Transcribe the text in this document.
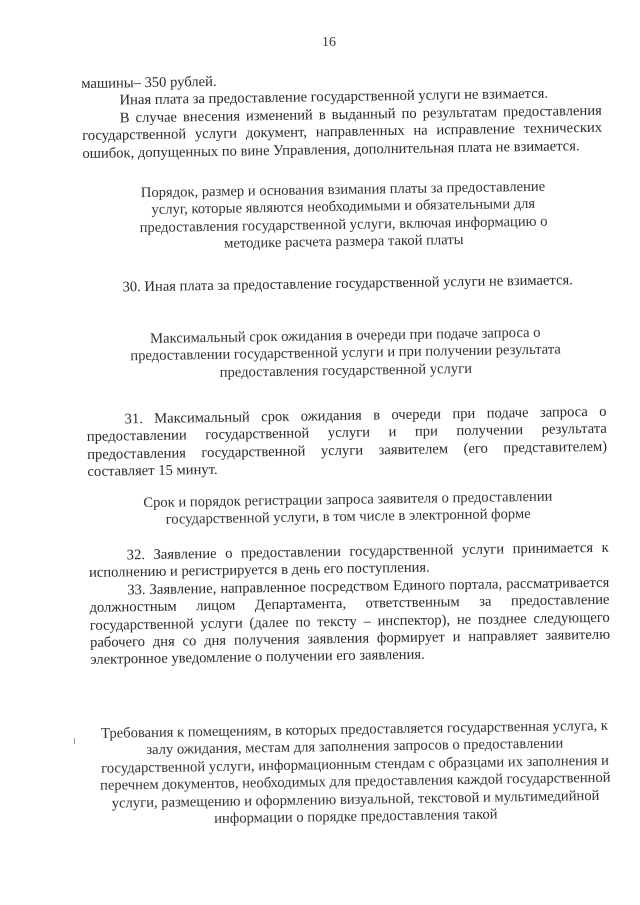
16

машины– 350 рублей.

Иная плата за предоставление государственной услуги не взимается.

В случае внесения изменений в выданный по результатам предоставления государственной услуги документ, направленных на исправление технических ошибок, допущенных по вине Управления, дополнительная плата не взимается.

Порядок, размер и основания взимания платы за предоставление услуг, которые являются необходимыми и обязательными для предоставления государственной услуги, включая информацию о методике расчета размера такой платы

30. Иная плата за предоставление государственной услуги не взимается.

Максимальный срок ожидания в очереди при подаче запроса о предоставлении государственной услуги и при получении результата предоставления государственной услуги

31. Максимальный срок ожидания в очереди при подаче запроса о предоставлении государственной услуги и при получении результата предоставления государственной услуги заявителем (его представителем) составляет 15 минут.

Срок и порядок регистрации запроса заявителя о предоставлении государственной услуги, в том числе в электронной форме

32. Заявление о предоставлении государственной услуги принимается к исполнению и регистрируется в день его поступления.

33. Заявление, направленное посредством Единого портала, рассматривается должностным лицом Департамента, ответственным за предоставление государственной услуги (далее по тексту – инспектор), не позднее следующего рабочего дня со дня получения заявления формирует и направляет заявителю электронное уведомление о получении его заявления.

Требования к помещениям, в которых предоставляется государственная услуга, к залу ожидания, местам для заполнения запросов о предоставлении государственной услуги, информационным стендам с образцами их заполнения и перечнем документов, необходимых для предоставления каждой государственной услуги, размещению и оформлению визуальной, текстовой и мультимедийной информации о порядке предоставления такой
